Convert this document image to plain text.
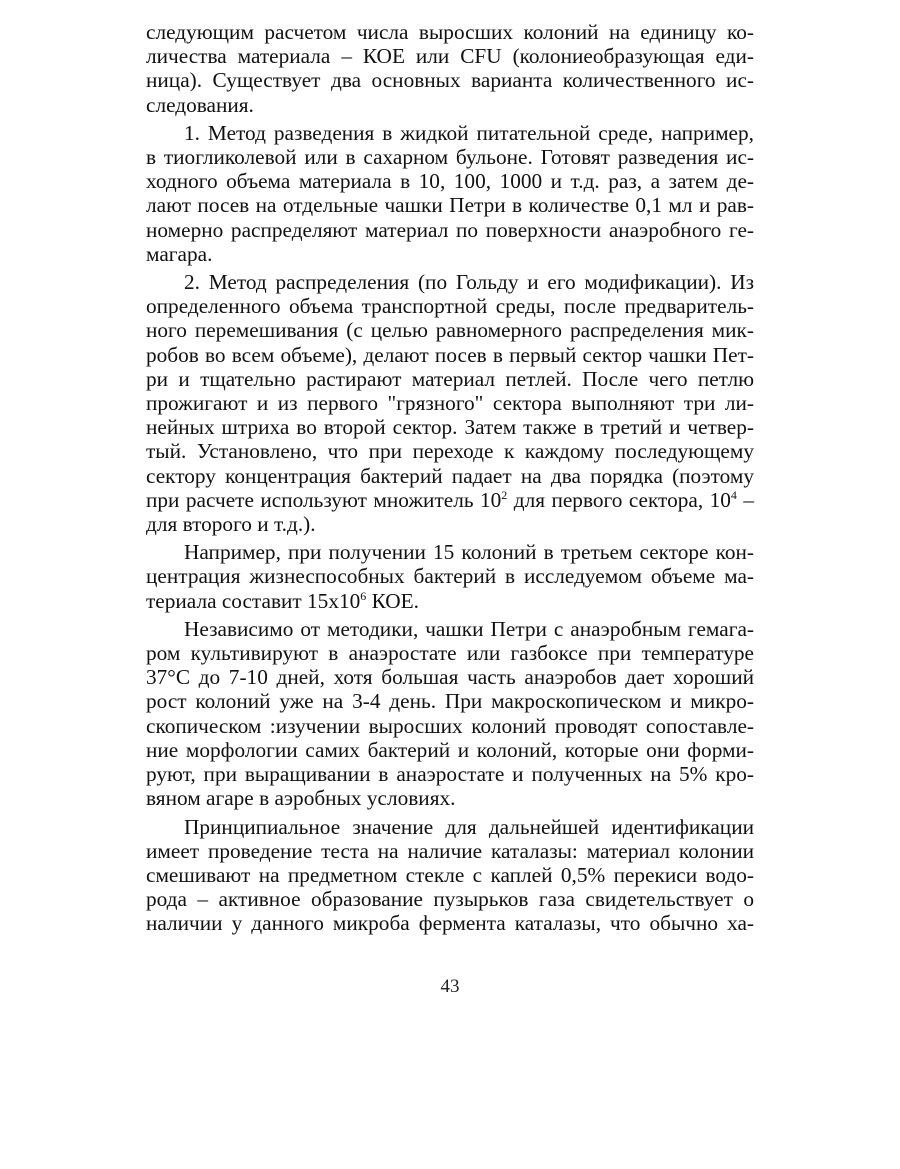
следующим расчетом числа выросших колоний на единицу ко-
личества материала – КОЕ или CFU (колониеобразующая еди-
ница). Существует два основных варианта количественного ис-
следования.

1. Метод разведения в жидкой питательной среде, например,
в тиогликолевой или в сахарном бульоне. Готовят разведения ис-
ходного объема материала в 10, 100, 1000 и т.д. раз, а затем де-
лают посев на отдельные чашки Петри в количестве 0,1 мл и рав-
номерно распределяют материал по поверхности анаэробного ге-
магара.

2. Метод распределения (по Гольду и его модификации). Из
определенного объема транспортной среды, после предваритель-
ного перемешивания (с целью равномерного распределения мик-
робов во всем объеме), делают посев в первый сектор чашки Пет-
ри и тщательно растирают материал петлей. После чего петлю
прожигают и из первого "грязного" сектора выполняют три ли-
нейных штриха во второй сектор. Затем также в третий и четвер-
тый. Установлено, что при переходе к каждому последующему
сектору концентрация бактерий падает на два порядка (поэтому
при расчете используют множитель $10^2$ для первого сектора, $10^4$ –
для второго и т.д.).

Например, при получении 15 колоний в третьем секторе кон-
центрация жизнеспособных бактерий в исследуемом объеме ма-
териала составит $15x10^6$ КОЕ.

Независимо от методики, чашки Петри с анаэробным гемага-
ром культивируют в анаэростате или газбоксе при температуре
37°С до 7-10 дней, хотя большая часть анаэробов дает хороший
рост колоний уже на 3-4 день. При макроскопическом и микро-
скопическом :изучении выросших колоний проводят сопоставле-
ние морфологии самих бактерий и колоний, которые они форми-
руют, при выращивании в анаэростате и полученных на 5% кро-
вяном агаре в аэробных условиях.

Принципиальное значение для дальнейшей идентификации
имеет проведение теста на наличие каталазы: материал колонии
смешивают на предметном стекле с каплей 0,5% перекиси водо-
рода – активное образование пузырьков газа свидетельствует о
наличии у данного микроба фермента каталазы, что обычно ха-

43
